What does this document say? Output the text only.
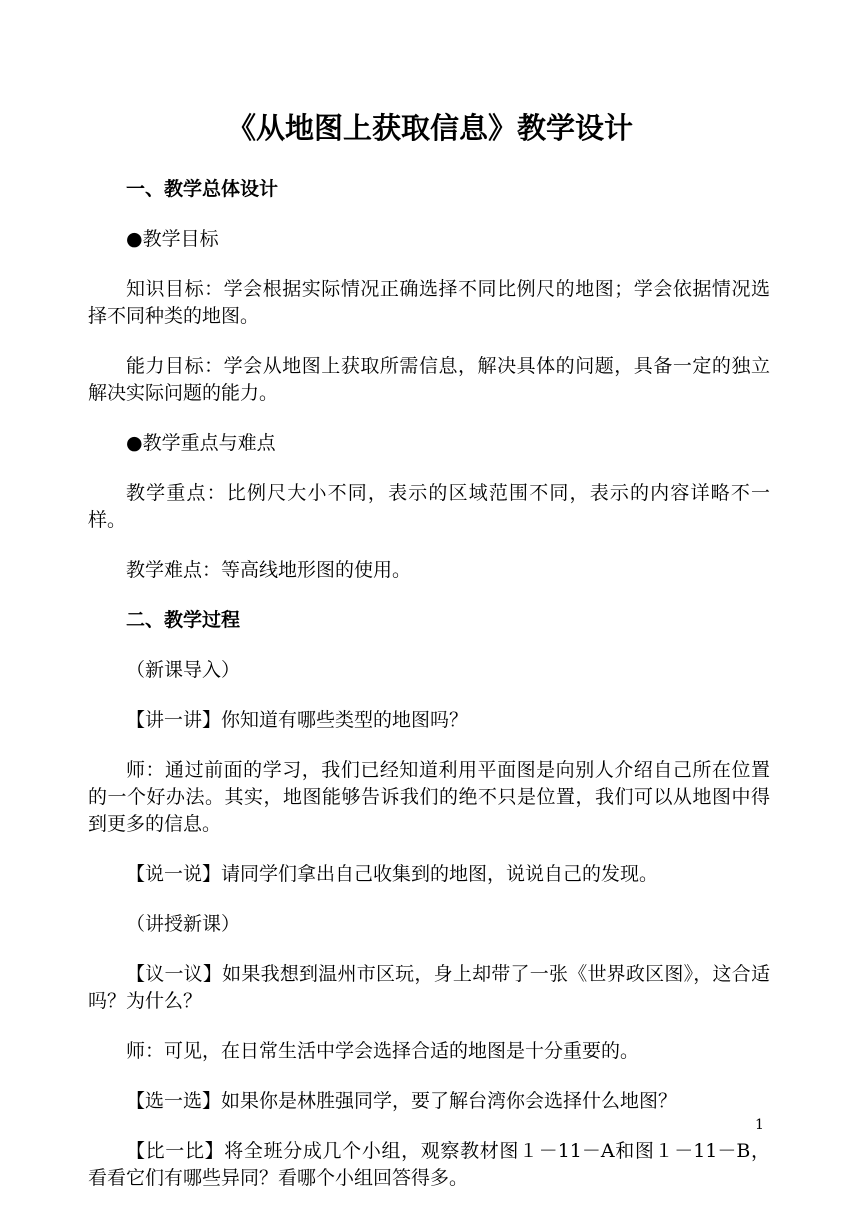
《从地图上获取信息》教学设计

一、教学总体设计

●教学目标

知识目标：学会根据实际情况正确选择不同比例尺的地图；学会依据情况选择不同种类的地图。

能力目标：学会从地图上获取所需信息，解决具体的问题，具备一定的独立解决实际问题的能力。

●教学重点与难点

教学重点：比例尺大小不同，表示的区域范围不同，表示的内容详略不一样。

教学难点：等高线地形图的使用。

二、教学过程

（新课导入）

【讲一讲】你知道有哪些类型的地图吗？

师：通过前面的学习，我们已经知道利用平面图是向别人介绍自己所在位置的一个好办法。其实，地图能够告诉我们的绝不只是位置，我们可以从地图中得到更多的信息。

【说一说】请同学们拿出自己收集到的地图，说说自己的发现。

（讲授新课）

【议一议】如果我想到温州市区玩，身上却带了一张《世界政区图》，这合适吗？为什么？

师：可见，在日常生活中学会选择合适的地图是十分重要的。

【选一选】如果你是林胜强同学，要了解台湾你会选择什么地图？

【比一比】将全班分成几个小组，观察教材图１－11－A和图１－11－B，看看它们有哪些异同？看哪个小组回答得多。

1
